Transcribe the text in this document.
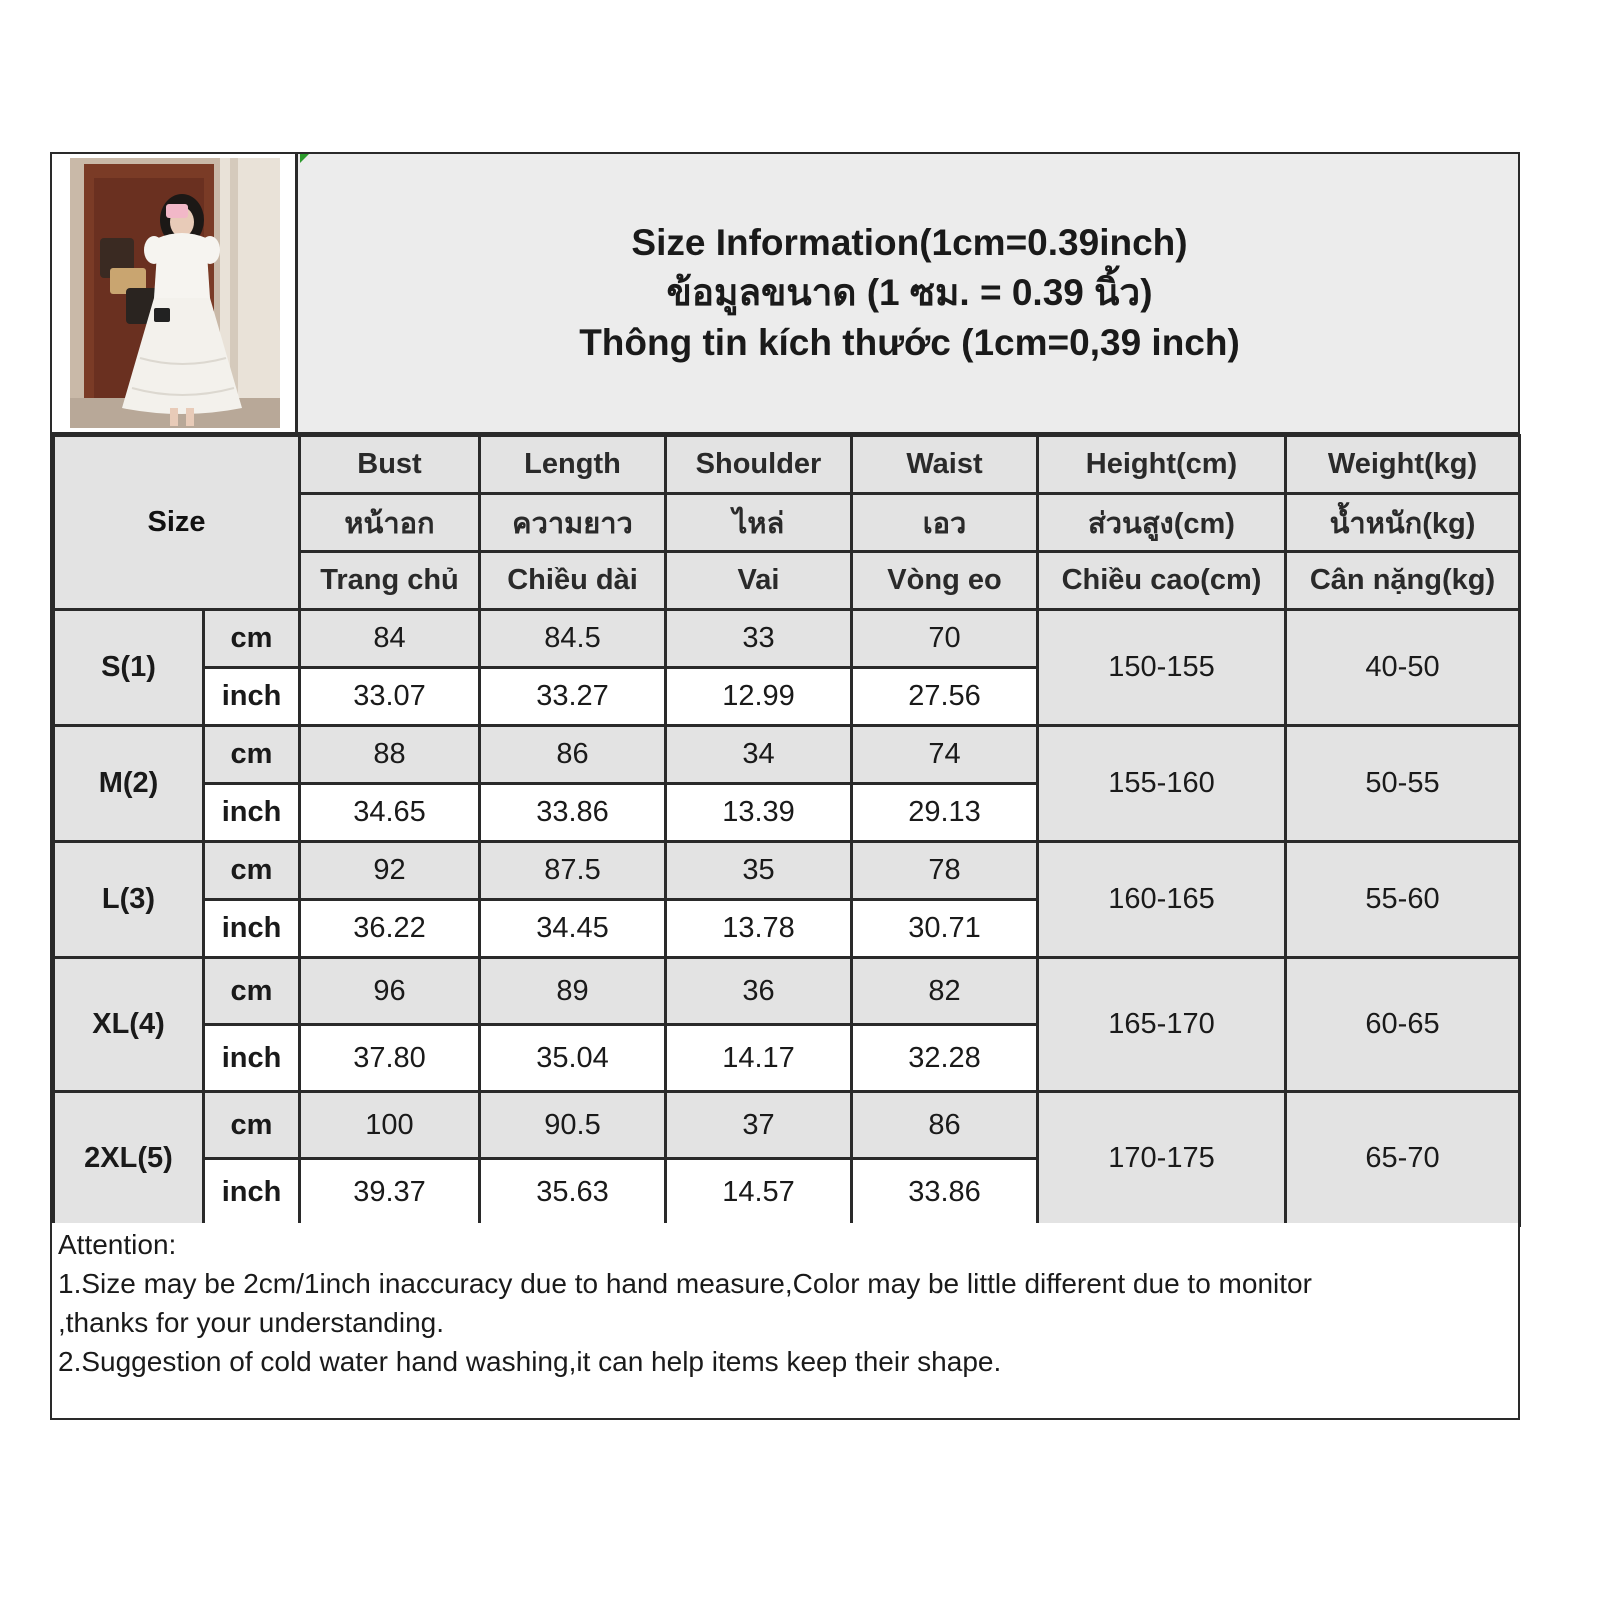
Size Information(1cm=0.39inch)
ข้อมูลขนาด (1 ซม. = 0.39 นิ้ว)
Thông tin kích thước (1cm=0,39 inch)
Size		Bust	Length	Shoulder	Waist	Height(cm)	Weight(kg)
		หน้าอก	ความยาว	ไหล่	เอว	ส่วนสูง(cm)	น้ำหนัก(kg)
		Trang chủ	Chiều dài	Vai	Vòng eo	Chiều cao(cm)	Cân nặng(kg)
S(1)	cm	84	84.5	33	70	150-155	40-50
	inch	33.07	33.27	12.99	27.56		
M(2)	cm	88	86	34	74	155-160	50-55
	inch	34.65	33.86	13.39	29.13		
L(3)	cm	92	87.5	35	78	160-165	55-60
	inch	36.22	34.45	13.78	30.71		
XL(4)	cm	96	89	36	82	165-170	60-65
	inch	37.80	35.04	14.17	32.28		
2XL(5)	cm	100	90.5	37	86	170-175	65-70
	inch	39.37	35.63	14.57	33.86		
Attention:
1.Size may be 2cm/1inch inaccuracy due to hand measure,Color may be little different due to monitor
,thanks for your understanding.
2.Suggestion of cold water hand washing,it can help items keep their shape.
